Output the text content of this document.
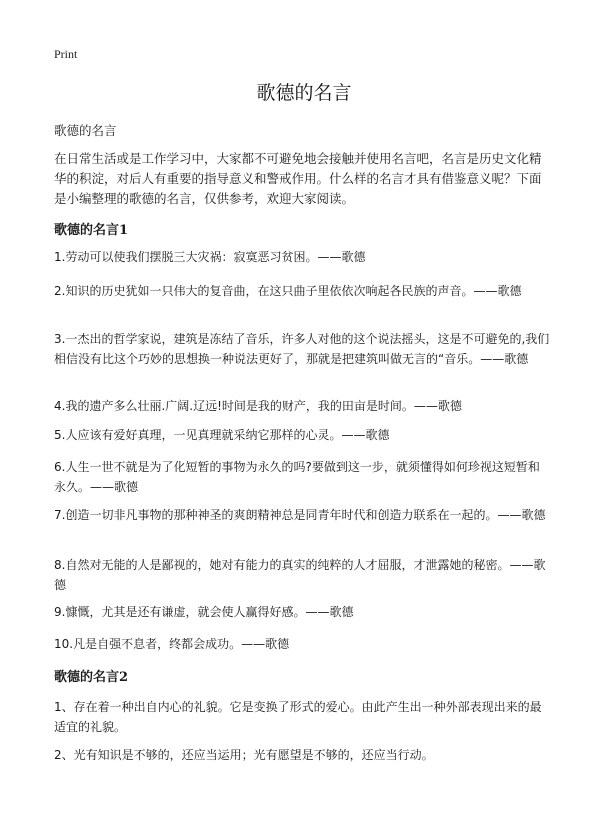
Print
歌德的名言
歌德的名言
在日常生活或是工作学习中，大家都不可避免地会接触并使用名言吧，名言是历史文化精华的积淀，对后人有重要的指导意义和警戒作用。什么样的名言才具有借鉴意义呢？下面是小编整理的歌德的名言，仅供参考，欢迎大家阅读。
歌德的名言1
1.劳动可以使我们摆脱三大灾祸：寂寞恶习贫困。——歌德
2.知识的历史犹如一只伟大的复音曲，在这只曲子里依依次响起各民族的声音。——歌德
3.一杰出的哲学家说，建筑是冻结了音乐，许多人对他的这个说法摇头，这是不可避免的,我们相信没有比这个巧妙的思想换一种说法更好了，那就是把建筑叫做无言的“音乐。——歌德
4.我的遗产多么壮丽.广阔.辽远!时间是我的财产，我的田亩是时间。——歌德
5.人应该有爱好真理，一见真理就采纳它那样的心灵。——歌德
6.人生一世不就是为了化短暂的事物为永久的吗?要做到这一步，就须懂得如何珍视这短暂和永久。——歌德
7.创造一切非凡事物的那种神圣的爽朗精神总是同青年时代和创造力联系在一起的。——歌德
8.自然对无能的人是鄙视的，她对有能力的真实的纯粹的人才屈服，才泄露她的秘密。——歌德
9.慷慨，尤其是还有谦虚，就会使人赢得好感。——歌德
10.凡是自强不息者，终都会成功。——歌德
歌德的名言2
1、存在着一种出自内心的礼貌。它是变换了形式的爱心。由此产生出一种外部表现出来的最适宜的礼貌。
2、光有知识是不够的，还应当运用；光有愿望是不够的，还应当行动。
